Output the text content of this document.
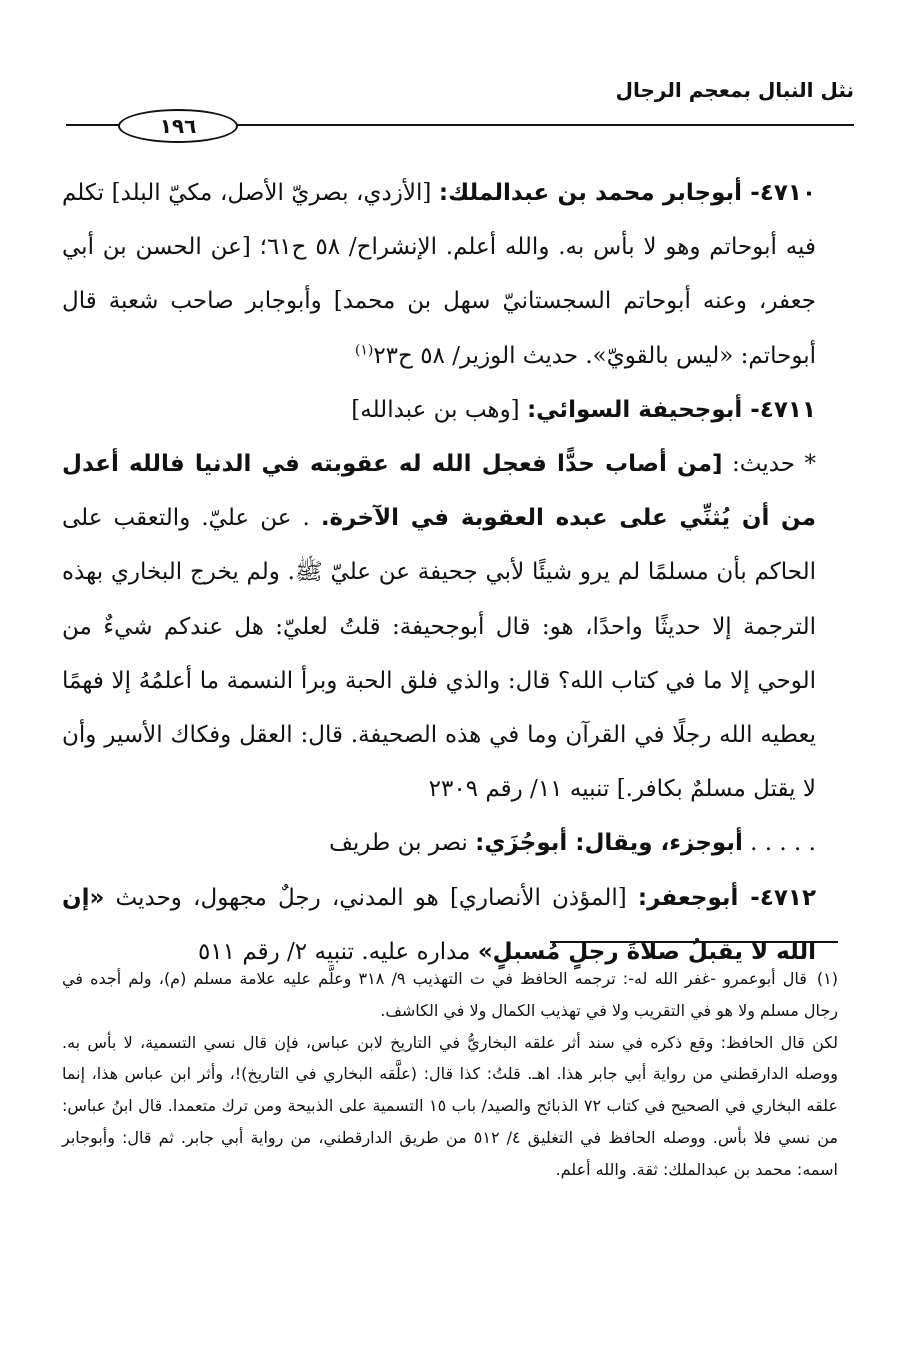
نثل النبال بمعجم الرجال
١٩٦

٤٧١٠- أبوجابر محمد بن عبدالملك: [الأزدي، بصريّ الأصل، مكيّ البلد] تكلم فيه أبوحاتم وهو لا بأس به. والله أعلم. الإنشراح/ ٥٨ ح٦١؛ [عن الحسن بن أبي جعفر، وعنه أبوحاتم السجستانيّ سهل بن محمد] وأبوجابر صاحب شعبة قال أبوحاتم: «ليس بالقويّ». حديث الوزير/ ٥٨ ح٢٣$^{(١)}$

٤٧١١- أبوجحيفة السوائي: [وهب بن عبدالله]

* حديث: [من أصاب حدًّا فعجل الله له عقوبته في الدنيا فالله أعدل من أن يُثنِّي على عبده العقوبة في الآخرة. . عن عليّ. والتعقب على الحاكم بأن مسلمًا لم يرو شيئًا لأبي جحيفة عن عليّ ﷺ. ولم يخرج البخاري بهذه الترجمة إلا حديثًا واحدًا، هو: قال أبوجحيفة: قلتُ لعليّ: هل عندكم شيءٌ من الوحي إلا ما في كتاب الله؟ قال: والذي فلق الحبة وبرأ النسمة ما أعلمُهُ إلا فهمًا يعطيه الله رجلًا في القرآن وما في هذه الصحيفة. قال: العقل وفكاك الأسير وأن لا يقتل مسلمٌ بكافر.] تنبيه ١١/ رقم ٢٣٠٩

. . . . . أبوجزء، ويقال: أبوجُزَي: نصر بن طريف

٤٧١٢- أبوجعفر: [المؤذن الأنصاري] هو المدني، رجلٌ مجهول، وحديث «إن الله لا يقبلُ صلاةَ رجلٍ مُسبلٍ» مداره عليه. تنبيه ٢/ رقم ٥١١

(١)قال أبوعمرو -غفر الله له-: ترجمه الحافظ في ت التهذيب ٩/ ٣١٨ وعلَّم عليه علامة مسلم (م)، ولم أجده في رجال مسلم ولا هو في التقريب ولا في تهذيب الكمال ولا في الكاشف.

لكن قال الحافظ: وقع ذكره في سند أثر علقه البخاريُّ في التاريخ لابن عباس، فإن قال نسي التسمية، لا بأس به. ووصله الدارقطني من رواية أبي جابر هذا. اهـ. قلتُ: كذا قال: (علَّقه البخاري في التاريخ)!، وأثر ابن عباس هذا، إنما علقه البخاري في الصحيح في كتاب ٧٢ الذبائح والصيد/ باب ١٥ التسمية على الذبيحة ومن ترك متعمدا. قال ابنُ عباس: من نسي فلا بأس. ووصله الحافظ في التغليق ٤/ ٥١٢ من طريق الدارقطني، من رواية أبي جابر. ثم قال: وأبوجابر اسمه: محمد بن عبدالملك: ثقة. والله أعلم.
